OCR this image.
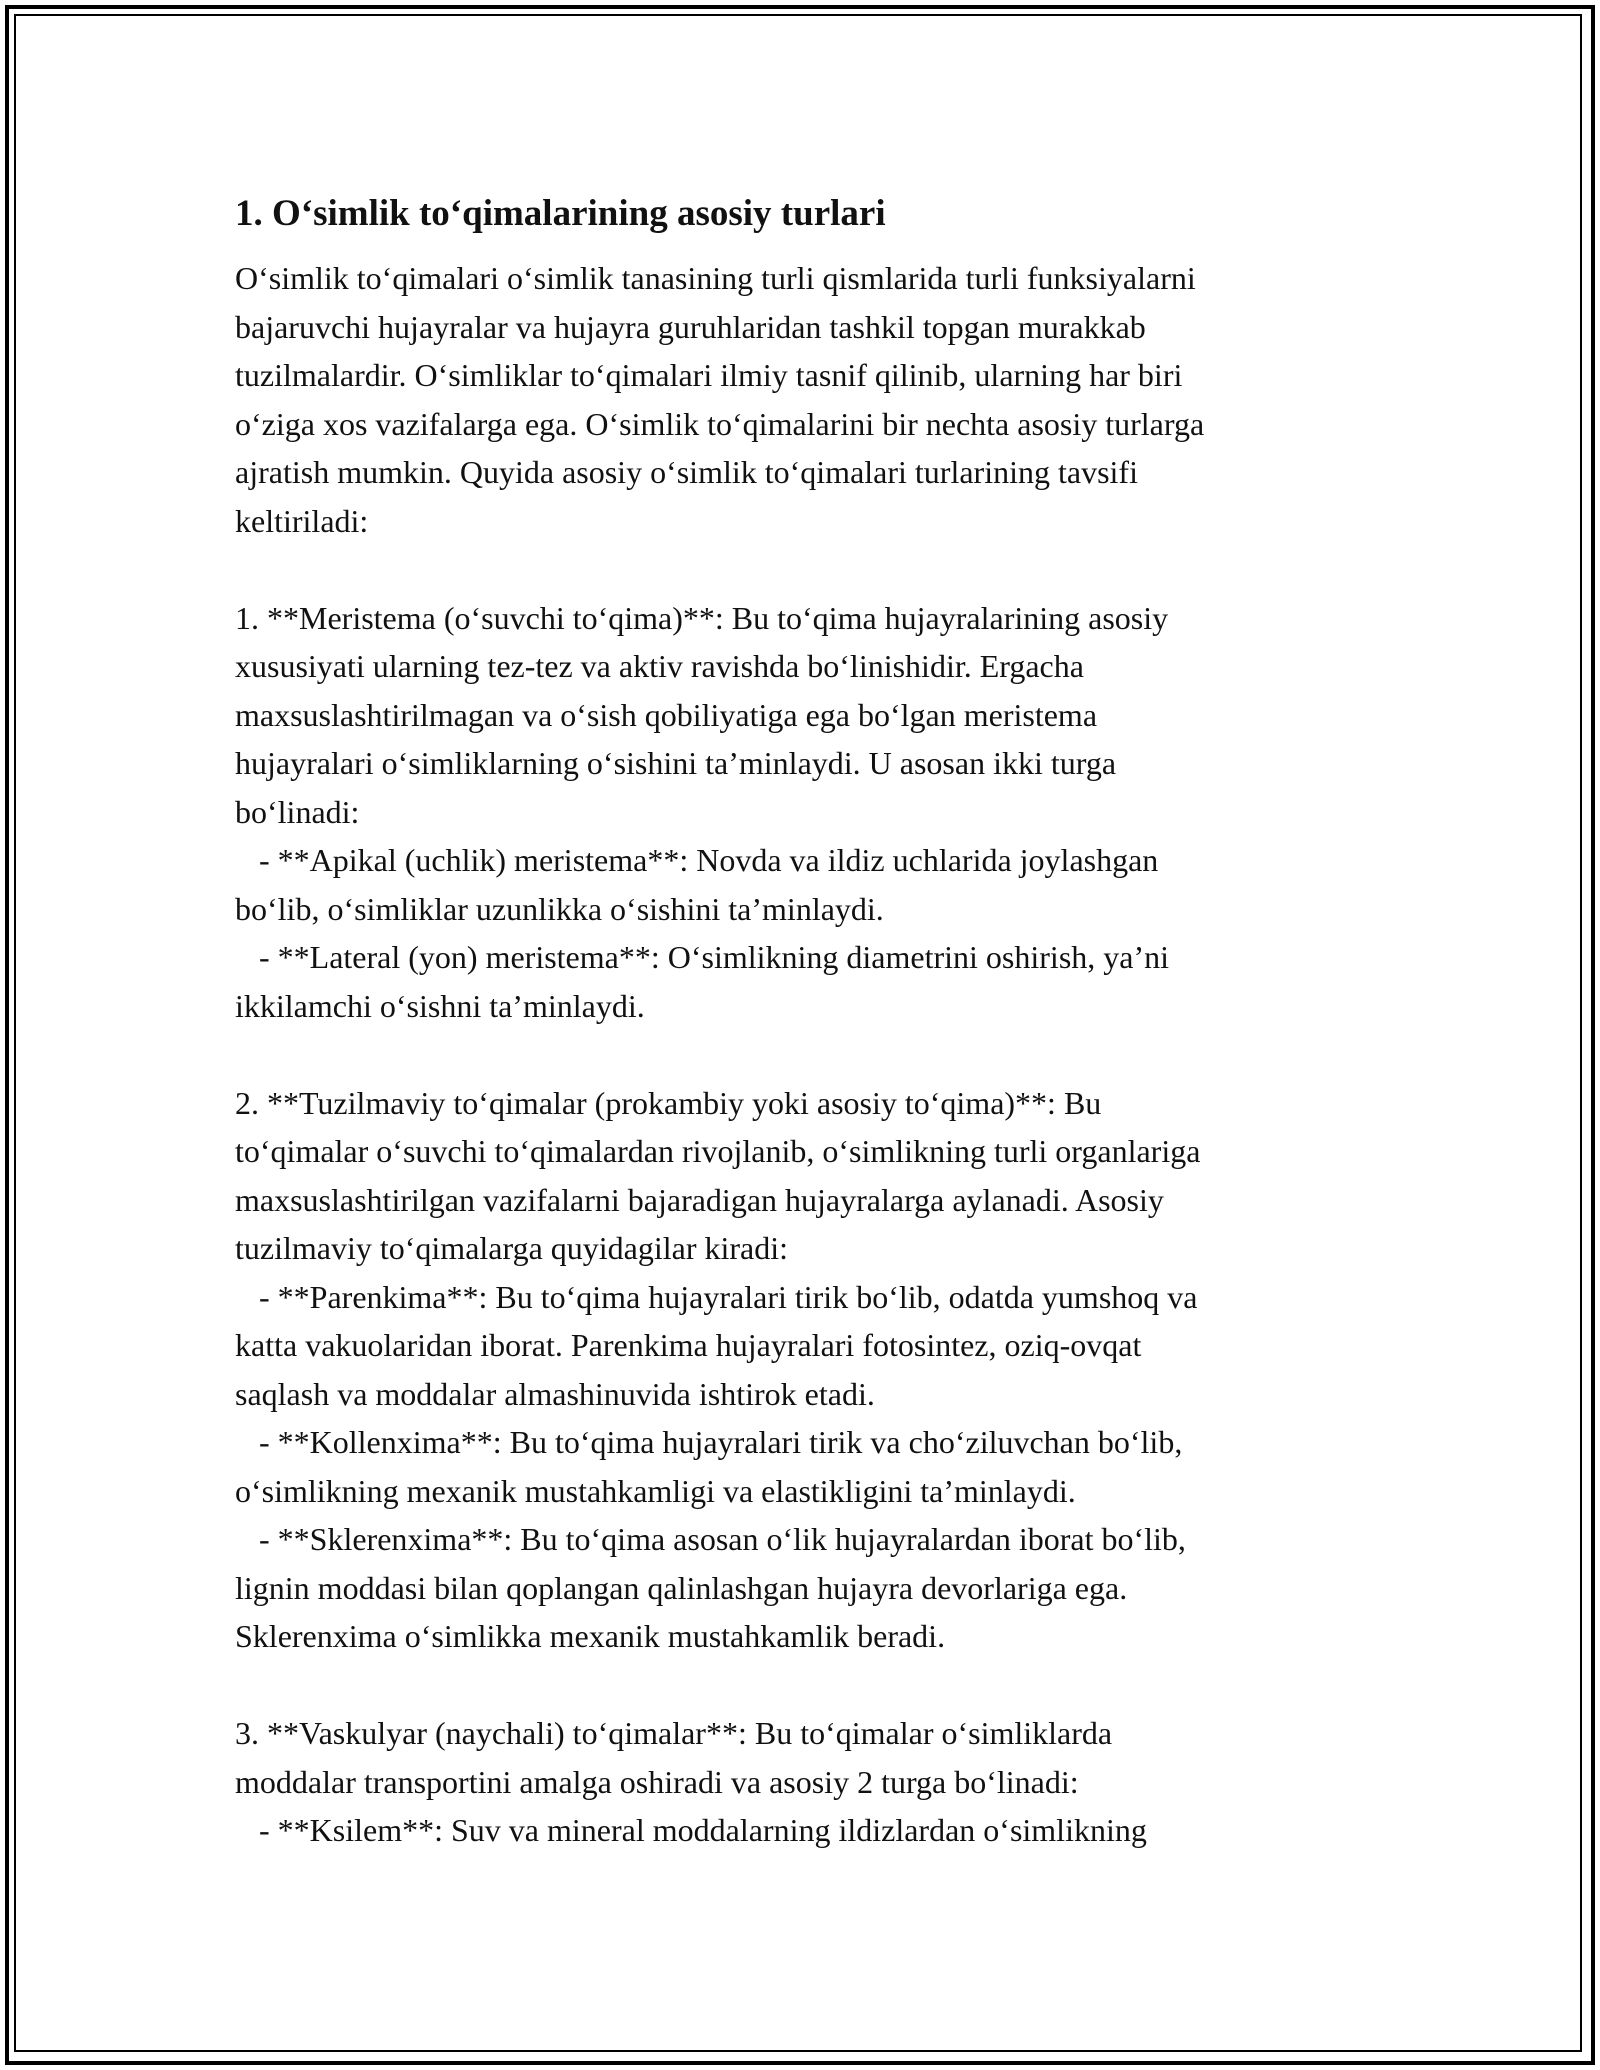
1. O‘simlik to‘qimalarining asosiy turlari
O‘simlik to‘qimalari o‘simlik tanasining turli qismlarida turli funksiyalarni
bajaruvchi hujayralar va hujayra guruhlaridan tashkil topgan murakkab
tuzilmalardir. O‘simliklar to‘qimalari ilmiy tasnif qilinib, ularning har biri
o‘ziga xos vazifalarga ega. O‘simlik to‘qimalarini bir nechta asosiy turlarga
ajratish mumkin. Quyida asosiy o‘simlik to‘qimalari turlarining tavsifi
keltiriladi:
1. **Meristema (o‘suvchi to‘qima)**: Bu to‘qima hujayralarining asosiy
xususiyati ularning tez-tez va aktiv ravishda bo‘linishidir. Ergacha
maxsuslashtirilmagan va o‘sish qobiliyatiga ega bo‘lgan meristema
hujayralari o‘simliklarning o‘sishini ta’minlaydi. U asosan ikki turga
bo‘linadi:
- **Apikal (uchlik) meristema**: Novda va ildiz uchlarida joylashgan
bo‘lib, o‘simliklar uzunlikka o‘sishini ta’minlaydi.
- **Lateral (yon) meristema**: O‘simlikning diametrini oshirish, ya’ni
ikkilamchi o‘sishni ta’minlaydi.
2. **Tuzilmaviy to‘qimalar (prokambiy yoki asosiy to‘qima)**: Bu
to‘qimalar o‘suvchi to‘qimalardan rivojlanib, o‘simlikning turli organlariga
maxsuslashtirilgan vazifalarni bajaradigan hujayralarga aylanadi. Asosiy
tuzilmaviy to‘qimalarga quyidagilar kiradi:
- **Parenkima**: Bu to‘qima hujayralari tirik bo‘lib, odatda yumshoq va
katta vakuolaridan iborat. Parenkima hujayralari fotosintez, oziq-ovqat
saqlash va moddalar almashinuvida ishtirok etadi.
- **Kollenxima**: Bu to‘qima hujayralari tirik va cho‘ziluvchan bo‘lib,
o‘simlikning mexanik mustahkamligi va elastikligini ta’minlaydi.
- **Sklerenxima**: Bu to‘qima asosan o‘lik hujayralardan iborat bo‘lib,
lignin moddasi bilan qoplangan qalinlashgan hujayra devorlariga ega.
Sklerenxima o‘simlikka mexanik mustahkamlik beradi.
3. **Vaskulyar (naychali) to‘qimalar**: Bu to‘qimalar o‘simliklarda
moddalar transportini amalga oshiradi va asosiy 2 turga bo‘linadi:
- **Ksilem**: Suv va mineral moddalarning ildizlardan o‘simlikning
